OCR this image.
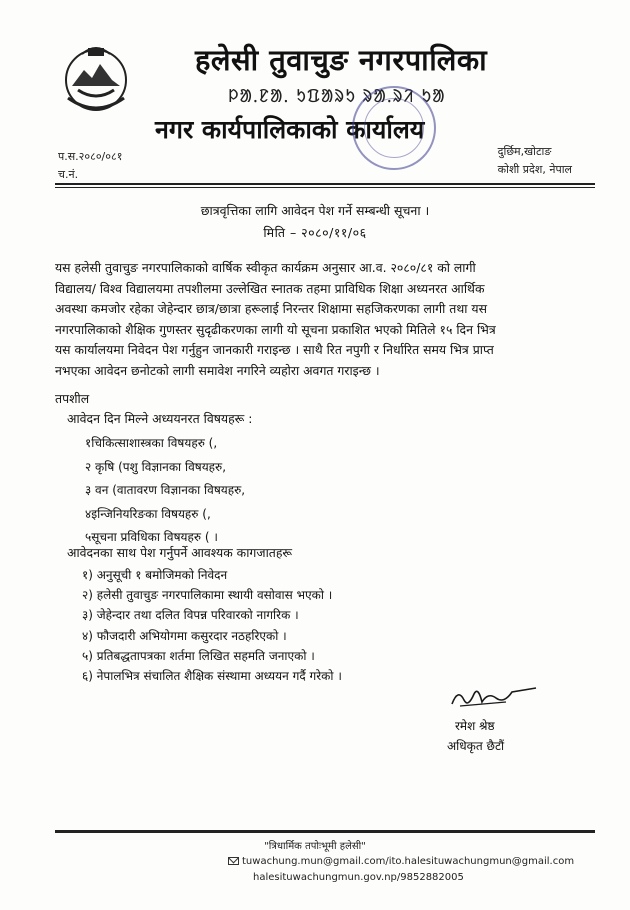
हलेसी तुवाचुङ नगरपालिका
ᱞᱟᱹᱱᱟᱹ ᱩᱯᱟᱨᱩ ᱨᱟᱹᱨᱤ ᱩᱟ
नगर कार्यपालिकाको कार्यालय
प.स.२०८०/०८१
च.नं.
दुर्छिम,खोटाङ
कोशी प्रदेश, नेपाल
छात्रवृत्तिका लागि आवेदन पेश गर्ने सम्बन्धी सूचना ।
मिति – २०८०/११/०६
यस हलेसी तुवाचुङ नगरपालिकाको वार्षिक स्वीकृत कार्यक्रम अनुसार आ.व. २०८०/८१ को लागी
विद्यालय/ विश्व विद्यालयमा तपशीलमा उल्लेखित स्नातक तहमा प्राविधिक शिक्षा अध्यनरत आर्थिक
अवस्था कमजोर रहेका जेहेन्दार छात्र/छात्रा हरूलाई निरन्तर शिक्षामा सहजिकरणका लागी तथा यस
नगरपालिकाको शैक्षिक गुणस्तर सुदृढीकरणका लागी यो सूचना प्रकाशित भएको मितिले १५ दिन भित्र
यस कार्यालयमा निवेदन पेश गर्नुहुन जानकारी गराइन्छ । साथै रित नपुगी र निर्धारित समय भित्र प्राप्त
नभएका आवेदन छनोटको लागी समावेश नगरिने व्यहोरा अवगत गराइन्छ ।
तपशील
आवेदन दिन मिल्ने अध्ययनरत विषयहरू :
१चिकित्साशास्त्रका विषयहरु (,
२ कृषि (पशु विज्ञानका विषयहरु,
३ वन (वातावरण विज्ञानका विषयहरु,
४इन्जिनियरिङका विषयहरु (,
५सूचना प्रविधिका विषयहरु ( ।
आवेदनका साथ पेश गर्नुपर्ने आवश्यक कागजातहरू
१) अनुसूची १ बमोजिमको निवेदन
२) हलेसी तुवाचुङ नगरपालिकामा स्थायी वसोवास भएको ।
३) जेहेन्दार तथा दलित विपन्न परिवारको नागरिक ।
४) फौजदारी अभियोगमा कसुरदार नठहरिएको ।
५) प्रतिबद्धतापत्रका शर्तमा लिखित सहमति जनाएको ।
६) नेपालभित्र संचालित शैक्षिक संस्थामा अध्ययन गर्दै गरेको ।
रमेश श्रेष्ठ
अधिकृत छैटौं
"त्रिधार्मिक तपोःभूमी हलेसी"
tuwachung.mun@gmail.com/ito.halesituwachungmun@gmail.com
halesituwachungmun.gov.np/9852882005
